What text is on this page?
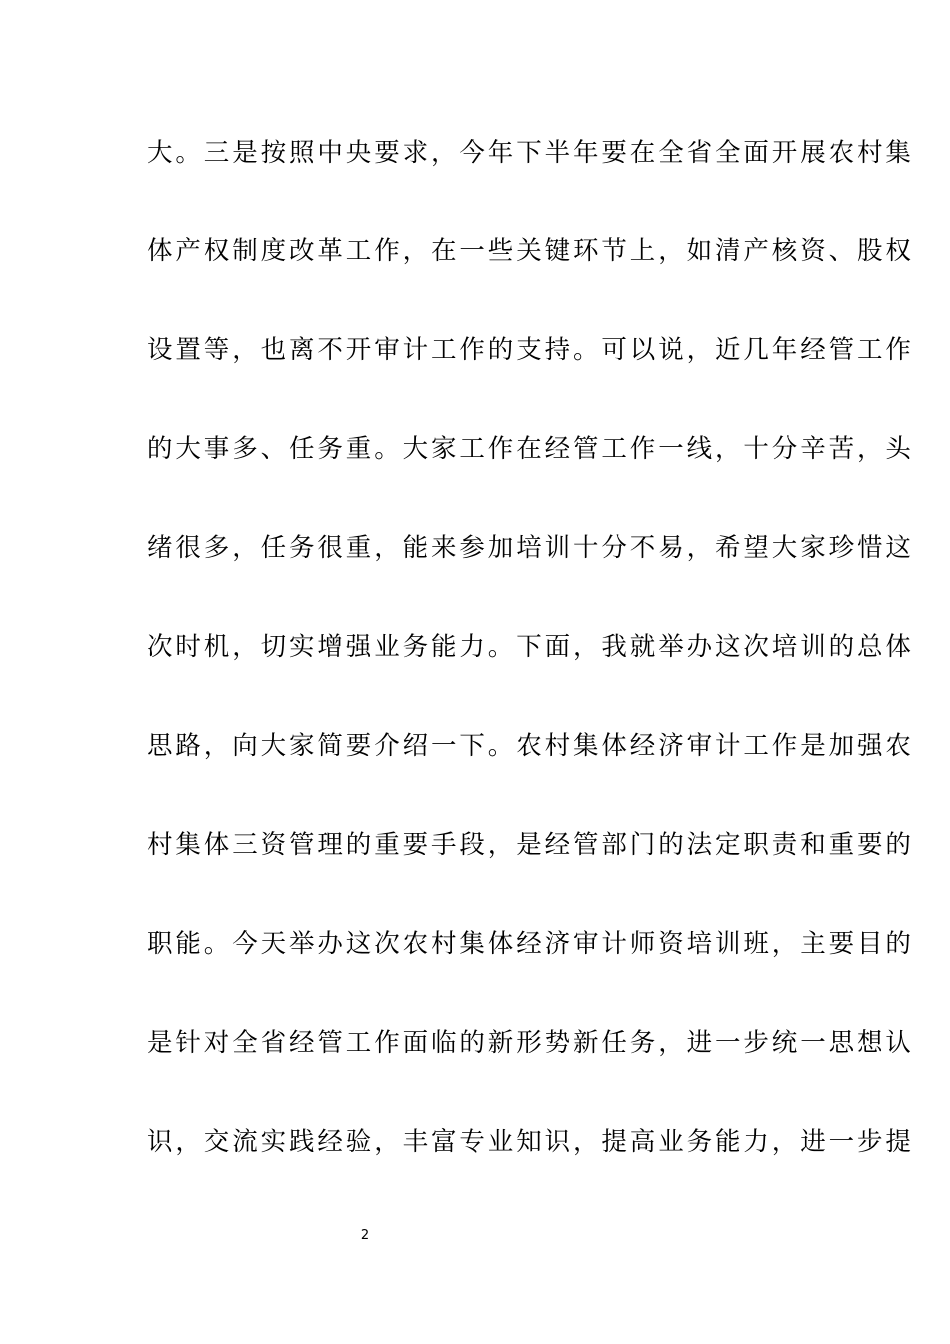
大。三是按照中央要求，今年下半年要在全省全面开展农村集
体产权制度改革工作，在一些关键环节上，如清产核资、股权
设置等，也离不开审计工作的支持。可以说，近几年经管工作
的大事多、任务重。大家工作在经管工作一线，十分辛苦，头
绪很多，任务很重，能来参加培训十分不易，希望大家珍惜这
次时机，切实增强业务能力。下面，我就举办这次培训的总体
思路，向大家简要介绍一下。农村集体经济审计工作是加强农
村集体三资管理的重要手段，是经管部门的法定职责和重要的
职能。今天举办这次农村集体经济审计师资培训班，主要目的
是针对全省经管工作面临的新形势新任务，进一步统一思想认
识，交流实践经验，丰富专业知识，提高业务能力，进一步提
2
